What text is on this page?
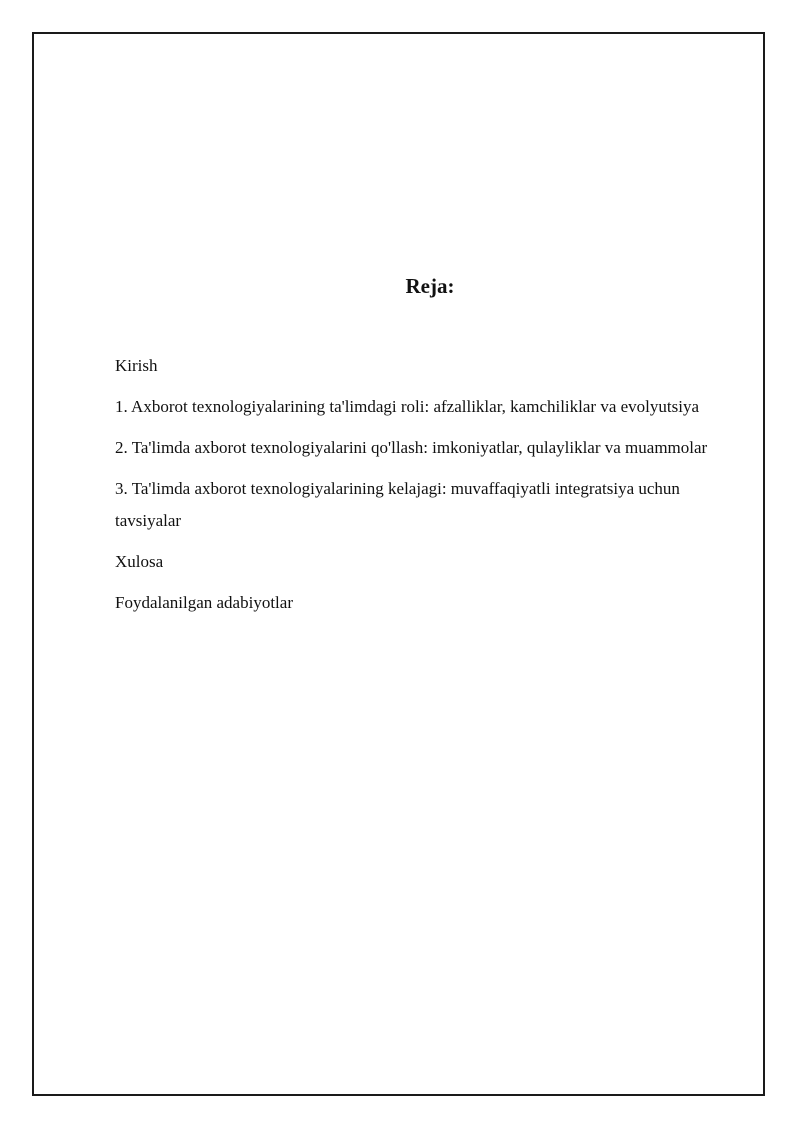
Reja:
Kirish
1. Axborot texnologiyalarining ta'limdagi roli: afzalliklar, kamchiliklar va evolyutsiya
2. Ta'limda axborot texnologiyalarini qo'llash: imkoniyatlar, qulayliklar va muammolar
3. Ta'limda axborot texnologiyalarining kelajagi: muvaffaqiyatli integratsiya uchun tavsiyalar
Xulosa
Foydalanilgan adabiyotlar
